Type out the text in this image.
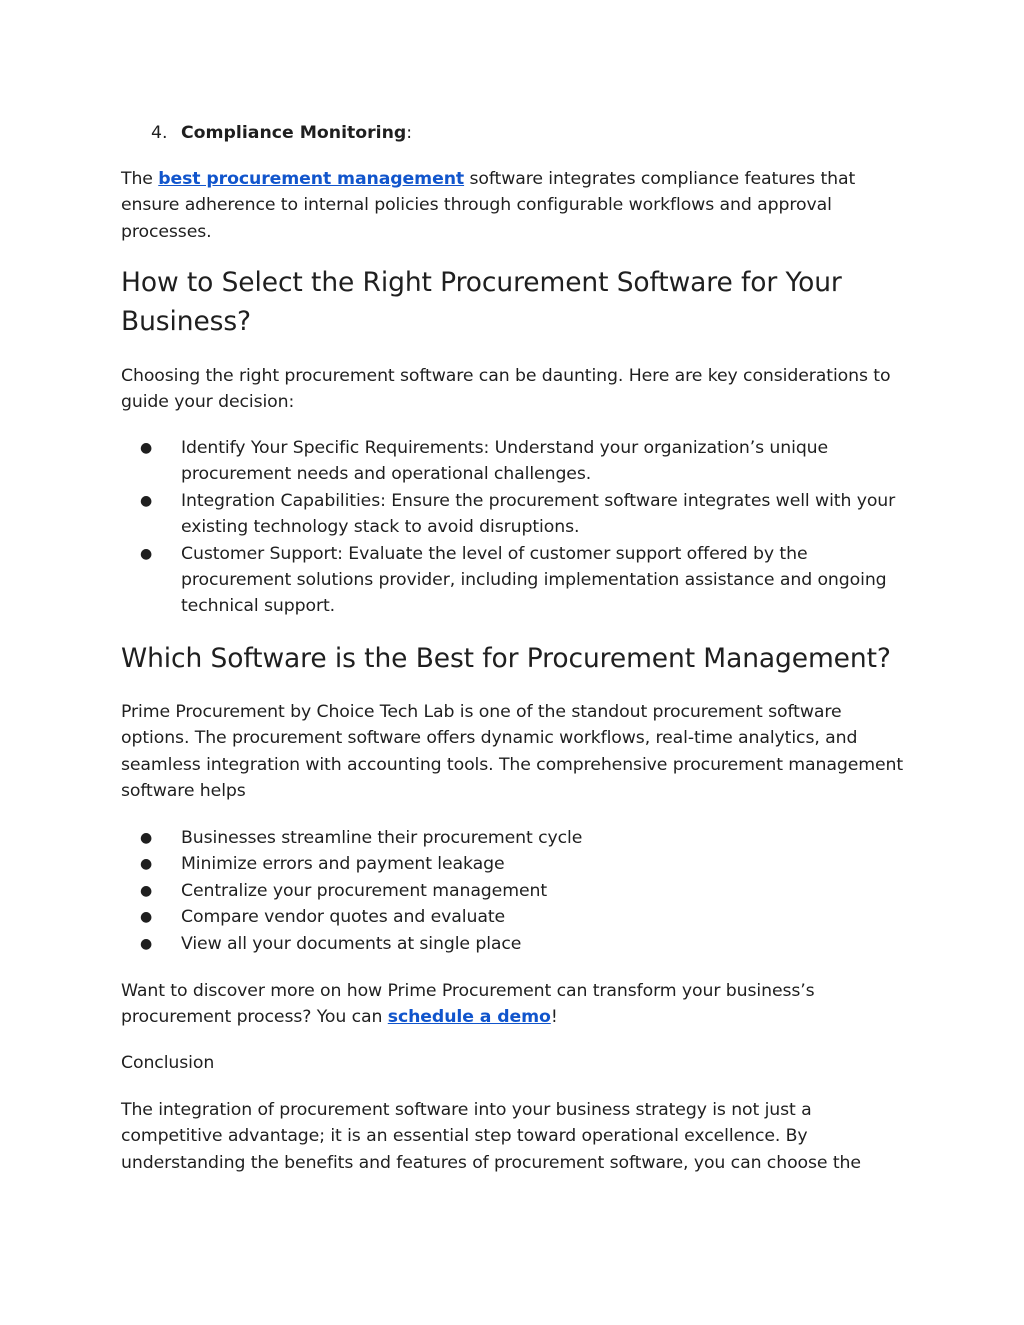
4. Compliance Monitoring:

The best procurement management software integrates compliance features that ensure adherence to internal policies through configurable workflows and approval processes.

How to Select the Right Procurement Software for Your Business?

Choosing the right procurement software can be daunting. Here are key considerations to guide your decision:

● Identify Your Specific Requirements: Understand your organization’s unique procurement needs and operational challenges.
● Integration Capabilities: Ensure the procurement software integrates well with your existing technology stack to avoid disruptions.
● Customer Support: Evaluate the level of customer support offered by the procurement solutions provider, including implementation assistance and ongoing technical support.
Which Software is the Best for Procurement Management?

Prime Procurement by Choice Tech Lab is one of the standout procurement software options. The procurement software offers dynamic workflows, real-time analytics, and seamless integration with accounting tools. The comprehensive procurement management software helps

● Businesses streamline their procurement cycle
● Minimize errors and payment leakage
● Centralize your procurement management
● Compare vendor quotes and evaluate
● View all your documents at single place

Want to discover more on how Prime Procurement can transform your business’s procurement process? You can schedule a demo!

Conclusion

The integration of procurement software into your business strategy is not just a competitive advantage; it is an essential step toward operational excellence. By understanding the benefits and features of procurement software, you can choose the
